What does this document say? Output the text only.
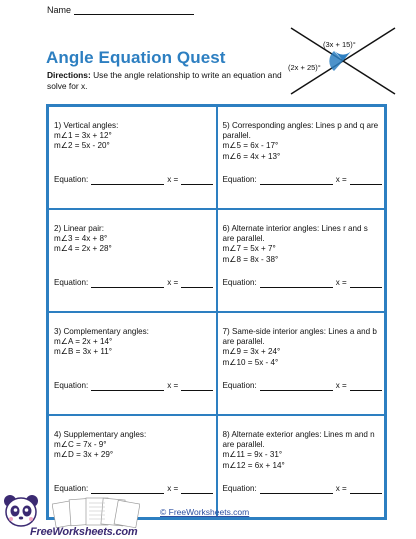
Name
Angle Equation Quest
Directions: Use the angle relationship to write an equation and solve for x.
(3x + 15)°
(2x + 25)°
1) Vertical angles:
m∠1 = 3x + 12°
m∠2 = 5x - 20°
Equation:	x =
5) Corresponding angles: Lines p and q are parallel.
m∠5 = 6x - 17°
m∠6 = 4x + 13°
Equation:	x =
2) Linear pair:
m∠3 = 4x + 8°
m∠4 = 2x + 28°
Equation:	x =
6) Alternate interior angles: Lines r and s are parallel.
m∠7 = 5x + 7°
m∠8 = 8x - 38°
Equation:	x =
3) Complementary angles:
m∠A = 2x + 14°
m∠B = 3x + 11°
Equation:	x =
7) Same-side interior angles: Lines a and b are parallel.
m∠9 = 3x + 24°
m∠10 = 5x - 4°
Equation:	x =
4) Supplementary angles:
m∠C = 7x - 9°
m∠D = 3x + 29°
Equation:	x =
8) Alternate exterior angles: Lines m and n are parallel.
m∠11 = 9x - 31°
m∠12 = 6x + 14°
Equation:	x =
FreeWorksheets.com
© FreeWorksheets.com
